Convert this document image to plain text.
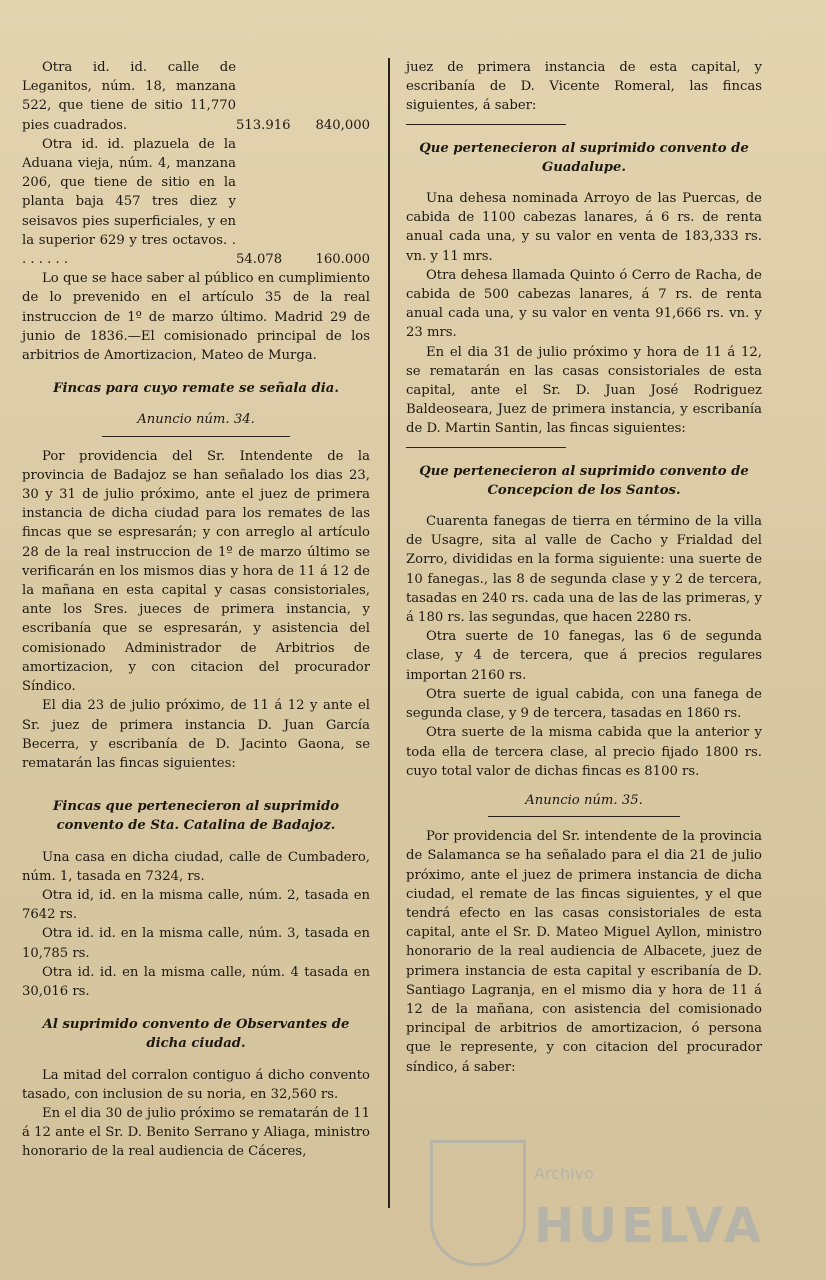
Otra id. id. calle de Leganitos, núm. 18, manzana 522, que tiene de sitio 11,770 pies cuadrados.	513.916	840,000

Otra id. id. plazuela de la Aduana vieja, núm. 4, manzana 206, que tiene de sitio en la planta baja 457 tres diez y seisavos pies superficiales, y en la superior 629 y tres octavos. . . . . . . .	54.078	160.000

Lo que se hace saber al público en cumplimiento de lo prevenido en el artículo 35 de la real instruccion de 1º de marzo último. Madrid 29 de junio de 1836.—El comisionado principal de los arbitrios de Amortizacion, Mateo de Murga.

Fincas para cuyo remate se señala dia.

Anuncio núm. 34.

Por providencia del Sr. Intendente de la provincia de Badajoz se han señalado los dias 23, 30 y 31 de julio próximo, ante el juez de primera instancia de dicha ciudad para los remates de las fincas que se espresarán; y con arreglo al artículo 28 de la real instruccion de 1º de marzo último se verificarán en los mismos dias y hora de 11 á 12 de la mañana en esta capital y casas consistoriales, ante los Sres. jueces de primera instancia, y escribanía que se espresarán, y asistencia del comisionado Administrador de Arbitrios de amortizacion, y con citacion del procurador Síndico.

El dia 23 de julio próximo, de 11 á 12 y ante el Sr. juez de primera instancia D. Juan García Becerra, y escribanía de D. Jacinto Gaona, se rematarán las fincas siguientes:

Fincas que pertenecieron al suprimido convento de Sta. Catalina de Badajoz.

Una casa en dicha ciudad, calle de Cumbadero, núm. 1, tasada en 7324, rs.

Otra id, id. en la misma calle, núm. 2, tasada en 7642 rs.

Otra id. id. en la misma calle, núm. 3, tasada en 10,785 rs.

Otra id. id. en la misma calle, núm. 4 tasada en 30,016 rs.

Al suprimido convento de Observantes de dicha ciudad.

La mitad del corralon contiguo á dicho convento tasado, con inclusion de su noria, en 32,560 rs.

En el dia 30 de julio próximo se rematarán de 11 á 12 ante el Sr. D. Benito Serrano y Aliaga, ministro honorario de la real audiencia de Cáceres,

juez de primera instancia de esta capital, y escribanía de D. Vicente Romeral, las fincas siguientes, á saber:

Que pertenecieron al suprimido convento de Guadalupe.

Una dehesa nominada Arroyo de las Puercas, de cabida de 1100 cabezas lanares, á 6 rs. de renta anual cada una, y su valor en venta de 183,333 rs. vn. y 11 mrs.

Otra dehesa llamada Quinto ó Cerro de Racha, de cabida de 500 cabezas lanares, á 7 rs. de renta anual cada una, y su valor en venta 91,666 rs. vn. y 23 mrs.

En el dia 31 de julio próximo y hora de 11 á 12, se rematarán en las casas consistoriales de esta capital, ante el Sr. D. Juan José Rodriguez Baldeoseara, Juez de primera instancia, y escribanía de D. Martin Santin, las fincas siguientes:

Que pertenecieron al suprimido convento de Concepcion de los Santos.

Cuarenta fanegas de tierra en término de la villa de Usagre, sita al valle de Cacho y Frialdad del Zorro, divididas en la forma siguiente: una suerte de 10 fanegas., las 8 de segunda clase y y 2 de tercera, tasadas en 240 rs. cada una de las de las primeras, y á 180 rs. las segundas, que hacen 2280 rs.

Otra suerte de 10 fanegas, las 6 de segunda clase, y 4 de tercera, que á precios regulares importan 2160 rs.

Otra suerte de igual cabida, con una fanega de segunda clase, y 9 de tercera, tasadas en 1860 rs.

Otra suerte de la misma cabida que la anterior y toda ella de tercera clase, al precio fijado 1800 rs. cuyo total valor de dichas fincas es 8100 rs.

Anuncio núm. 35.

Por providencia del Sr. intendente de la provincia de Salamanca se ha señalado para el dia 21 de julio próximo, ante el juez de primera instancia de dicha ciudad, el remate de las fincas siguientes, y el que tendrá efecto en las casas consistoriales de esta capital, ante el Sr. D. Mateo Miguel Ayllon, ministro honorario de la real audiencia de Albacete, juez de primera instancia de esta capital y escribanía de D. Santiago Lagranja, en el mismo dia y hora de 11 á 12 de la mañana, con asistencia del comisionado principal de arbitrios de amortizacion, ó persona que le represente, y con citacion del procurador síndico, á saber:

Archivo
HUELVA
